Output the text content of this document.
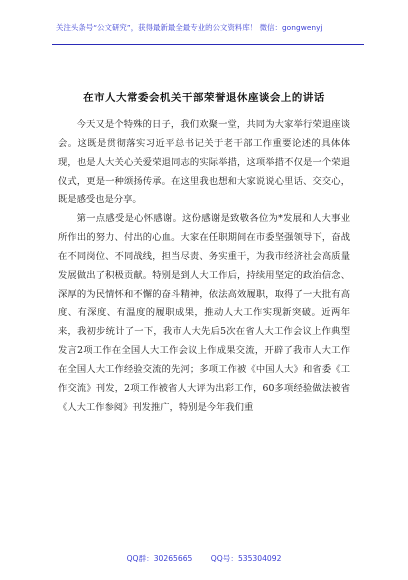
关注头条号“公文研究”，获得最新最全最专业的公文资料库！ 微信：gongwenyj
在市人大常委会机关干部荣誉退休座谈会上的讲话

今天又是个特殊的日子，我们欢聚一堂，共同为大家举行荣退座谈会。这既是贯彻落实习近平总书记关于老干部工作重要论述的具体体现，也是人大关心关爱荣退同志的实际举措，这项举措不仅是一个荣退仪式，更是一种颂扬传承。在这里我也想和大家说说心里话、交交心，既是感受也是分享。

第一点感受是心怀感谢。这份感谢是致敬各位为*发展和人大事业所作出的努力、付出的心血。大家在任职期间在市委坚强领导下，奋战在不同岗位、不同战线，担当尽责、务实重干，为我市经济社会高质量发展做出了积极贡献。特别是到人大工作后，持续用坚定的政治信念、深厚的为民情怀和不懈的奋斗精神，依法高效履职，取得了一大批有高度、有深度、有温度的履职成果，推动人大工作实现新突破。近两年来，我初步统计了一下，我市人大先后5次在省人大工作会议上作典型发言2项工作在全国人大工作会议上作成果交流，开辟了我市人大工作在全国人大工作经验交流的先河；多项工作被《中国人大》和省委《工作交流》刊发，2项工作被省人大评为出彩工作，60多项经验做法被省《人大工作参阅》刊发推广，特别是今年我们重

QQ群：30265665 QQ号：535304092
